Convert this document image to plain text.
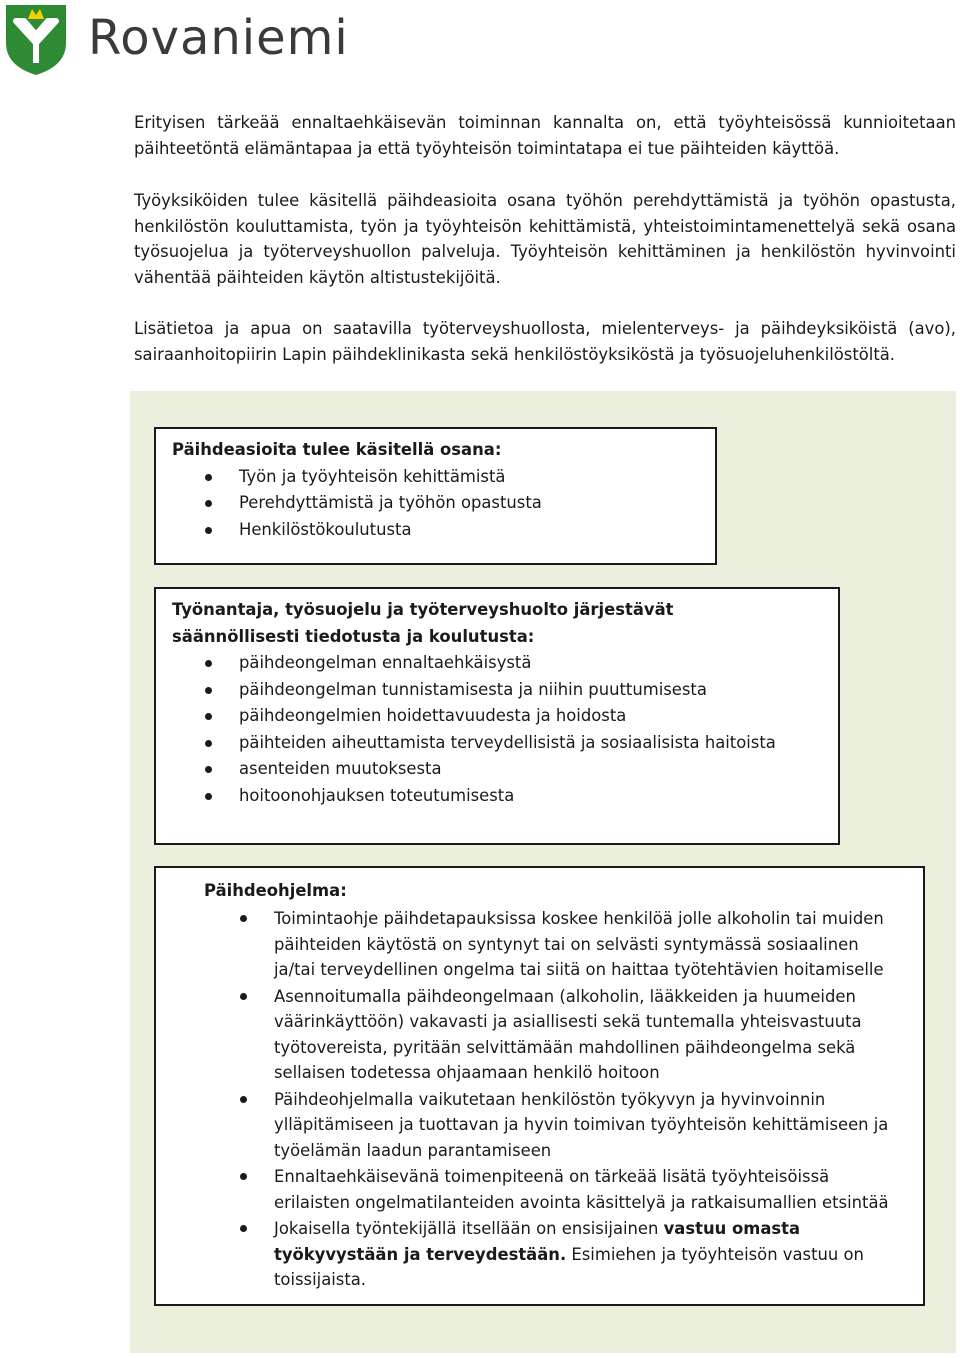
Rovaniemi

Erityisen tärkeää ennaltaehkäisevän toiminnan kannalta on, että työyhteisössä kunnioitetaan päihteetöntä elämäntapaa ja että työyhteisön toimintatapa ei tue päihteiden käyttöä.

Työyksiköiden tulee käsitellä päihdeasioita osana työhön perehdyttämistä ja työhön opastusta, henkilöstön kouluttamista, työn ja työyhteisön kehittämistä, yhteistoimintamenettelyä sekä osana työsuojelua ja työterveyshuollon palveluja. Työyhteisön kehittäminen ja henkilöstön hyvinvointi vähentää päihteiden käytön altistustekijöitä.

Lisätietoa ja apua on saatavilla työterveyshuollosta, mielenterveys- ja päihdeyksiköistä (avo), sairaanhoitopiirin Lapin päihdeklinikasta sekä henkilöstöyksiköstä ja työsuojeluhenkilöstöltä.

Päihdeasioita tulee käsitellä osana:

Työn ja työyhteisön kehittämistä
Perehdyttämistä ja työhön opastusta
Henkilöstökoulutusta

Työnantaja, työsuojelu ja työterveyshuolto järjestävät säännöllisesti tiedotusta ja koulutusta:

päihdeongelman ennaltaehkäisystä
päihdeongelman tunnistamisesta ja niihin puuttumisesta
päihdeongelmien hoidettavuudesta ja hoidosta
päihteiden aiheuttamista terveydellisistä ja sosiaalisista haitoista
asenteiden muutoksesta
hoitoonohjauksen toteutumisesta

Päihdeohjelma:

Toimintaohje päihdetapauksissa koskee henkilöä jolle alkoholin tai muiden päihteiden käytöstä on syntynyt tai on selvästi syntymässä sosiaalinen ja/tai terveydellinen ongelma tai siitä on haittaa työtehtävien hoitamiselle
Asennoitumalla päihdeongelmaan (alkoholin, lääkkeiden ja huumeiden väärinkäyttöön) vakavasti ja asiallisesti sekä tuntemalla yhteisvastuuta työtovereista, pyritään selvittämään mahdollinen päihdeongelma sekä sellaisen todetessa ohjaamaan henkilö hoitoon
Päihdeohjelmalla vaikutetaan henkilöstön työkyvyn ja hyvinvoinnin ylläpitämiseen ja tuottavan ja hyvin toimivan työyhteisön kehittämiseen ja työelämän laadun parantamiseen
Ennaltaehkäisevänä toimenpiteenä on tärkeää lisätä työyhteisöissä erilaisten ongelmatilanteiden avointa käsittelyä ja ratkaisumallien etsintää
Jokaisella työntekijällä itsellään on ensisijainen vastuu omasta työkyvystään ja terveydestään. Esimiehen ja työyhteisön vastuu on toissijaista.
